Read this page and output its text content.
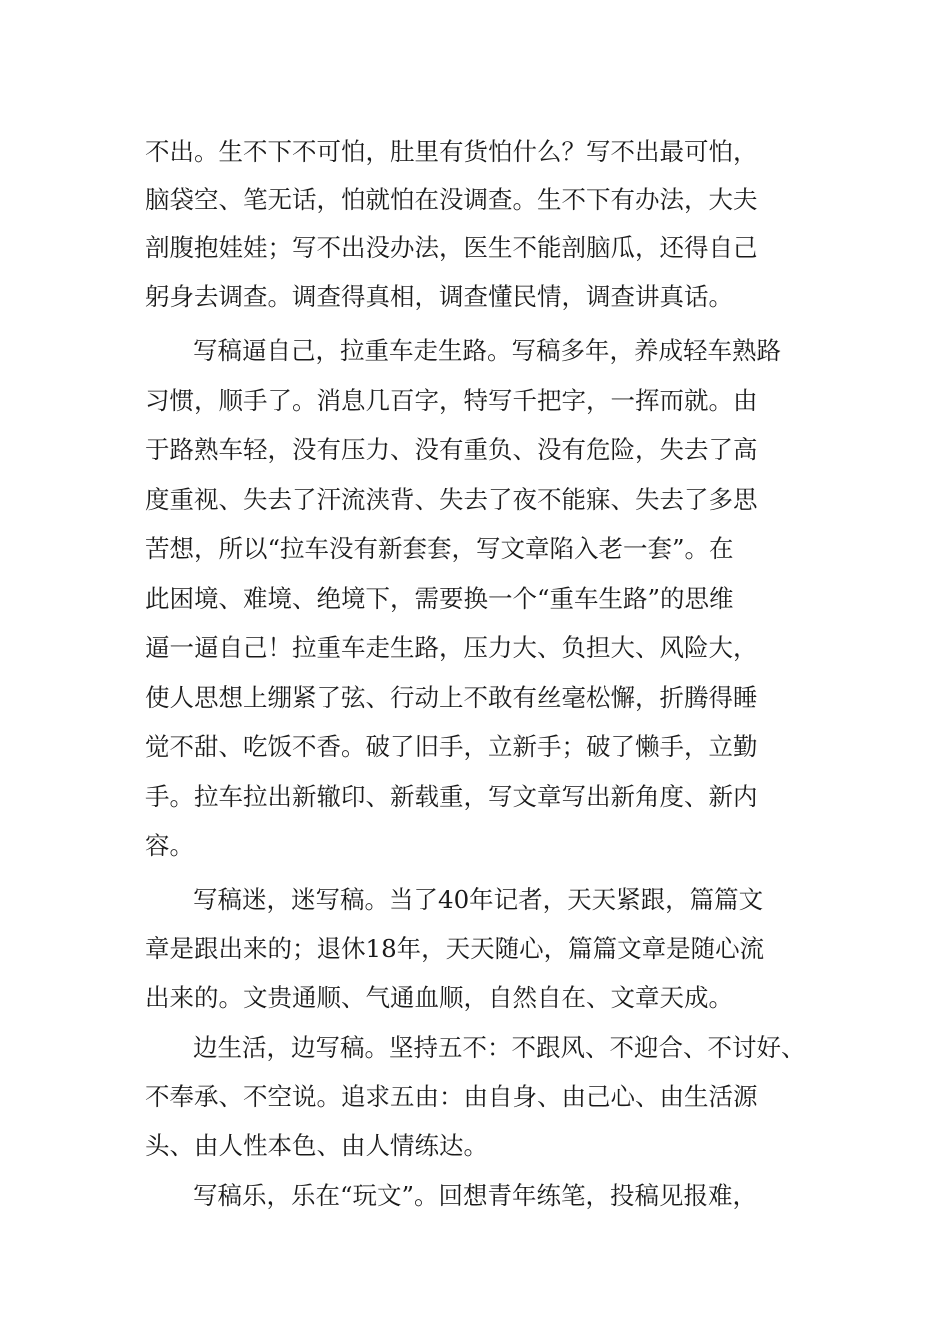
不出。生不下不可怕，肚里有货怕什么？写不出最可怕，
脑袋空、笔无话，怕就怕在没调查。生不下有办法，大夫
剖腹抱娃娃；写不出没办法，医生不能剖脑瓜，还得自己
躬身去调查。调查得真相，调查懂民情，调查讲真话。
写稿逼自己，拉重车走生路。写稿多年，养成轻车熟路
习惯，顺手了。消息几百字，特写千把字，一挥而就。由
于路熟车轻，没有压力、没有重负、没有危险，失去了高
度重视、失去了汗流浃背、失去了夜不能寐、失去了多思
苦想，所以“拉车没有新套套，写文章陷入老一套”。在
此困境、难境、绝境下，需要换一个“重车生路”的思维
逼一逼自己！拉重车走生路，压力大、负担大、风险大，
使人思想上绷紧了弦、行动上不敢有丝毫松懈，折腾得睡
觉不甜、吃饭不香。破了旧手，立新手；破了懒手，立勤
手。拉车拉出新辙印、新载重，写文章写出新角度、新内
容。
写稿迷，迷写稿。当了40年记者，天天紧跟，篇篇文
章是跟出来的；退休18年，天天随心，篇篇文章是随心流
出来的。文贵通顺、气通血顺，自然自在、文章天成。
边生活，边写稿。坚持五不：不跟风、不迎合、不讨好、
不奉承、不空说。追求五由：由自身、由己心、由生活源
头、由人性本色、由人情练达。
写稿乐，乐在“玩文”。回想青年练笔，投稿见报难，
